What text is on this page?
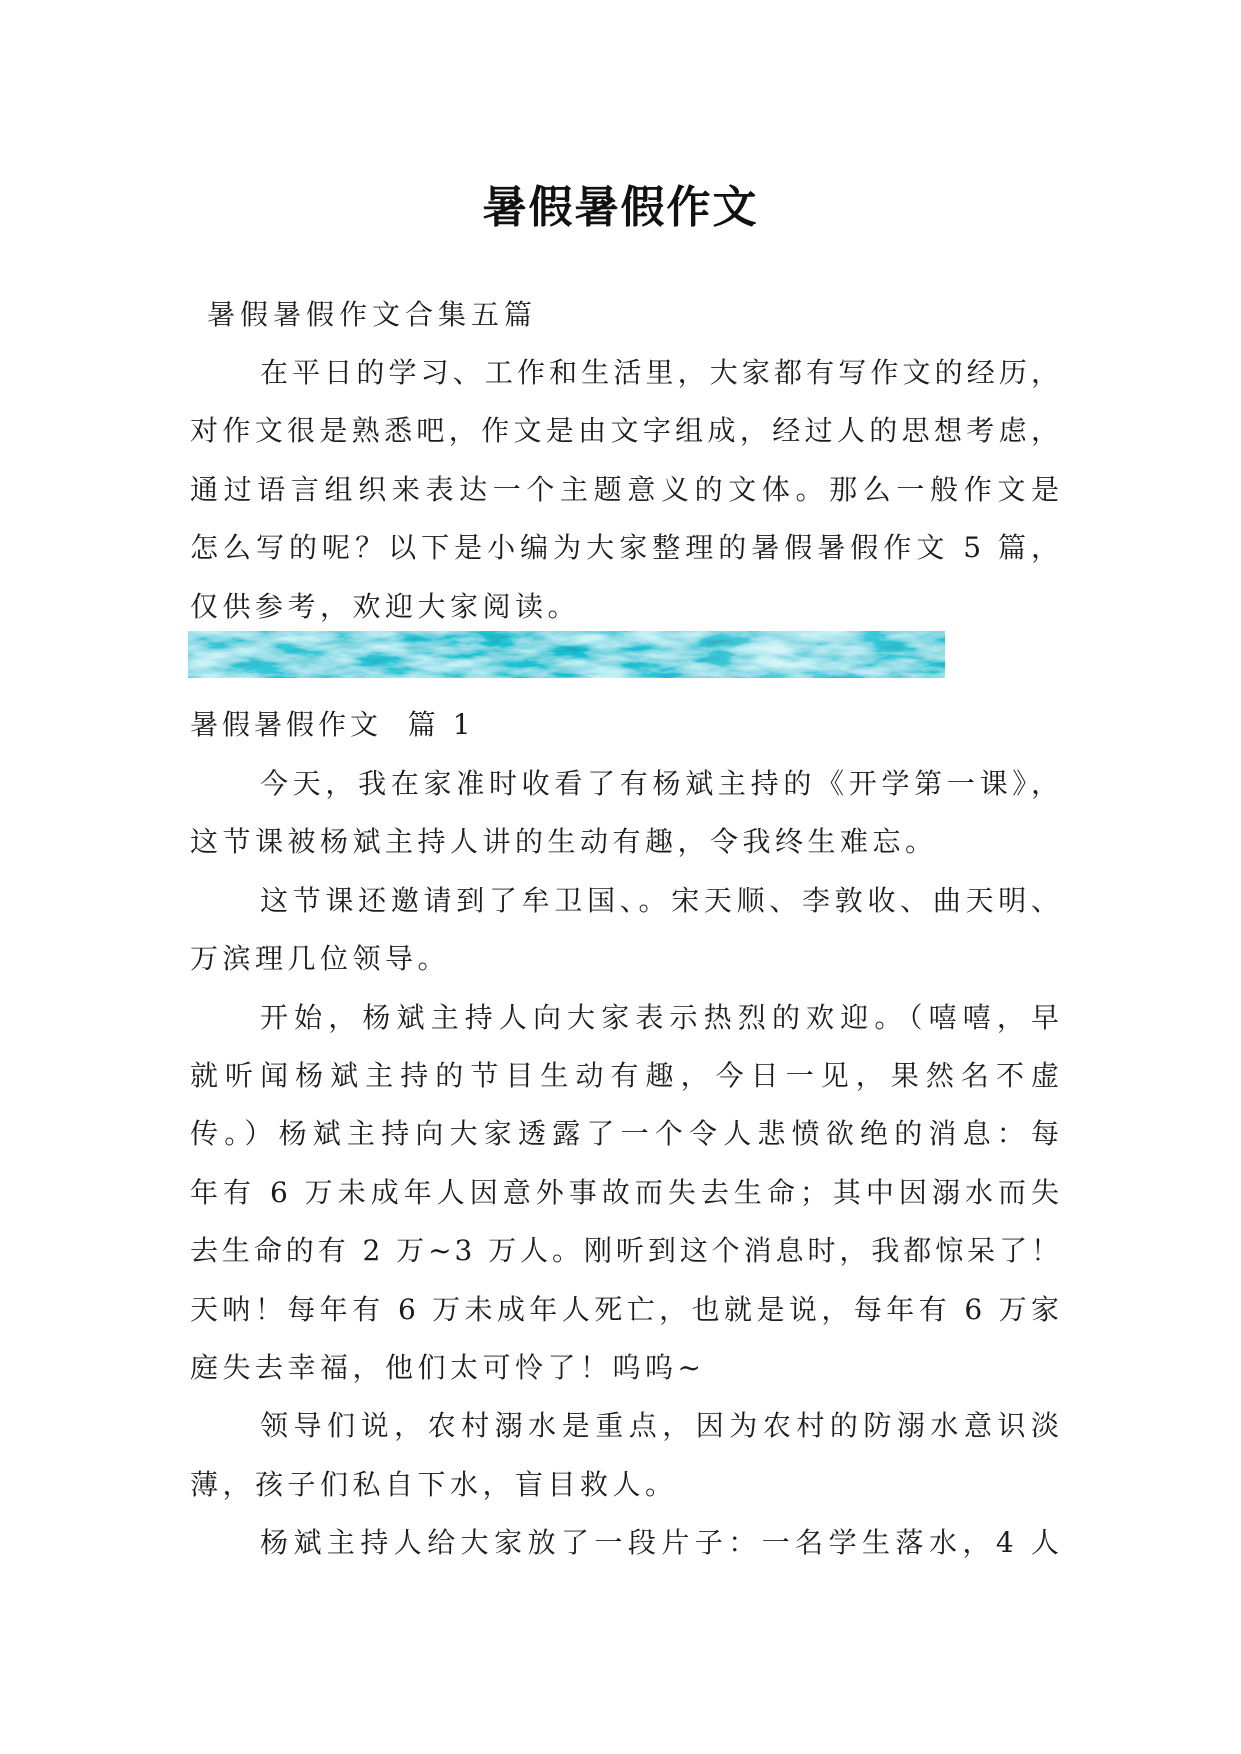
暑假暑假作文
暑假暑假作文合集五篇
在平日的学习、工作和生活里，大家都有写作文的经历，
对作文很是熟悉吧，作文是由文字组成，经过人的思想考虑，
通过语言组织来表达一个主题意义的文体。那么一般作文是
怎么写的呢？以下是小编为大家整理的暑假暑假作文 5 篇，
仅供参考，欢迎大家阅读。
暑假暑假作文  篇 1
今天，我在家准时收看了有杨斌主持的《开学第一课》，
这节课被杨斌主持人讲的生动有趣，令我终生难忘。
这节课还邀请到了牟卫国、。宋天顺、李敦收、曲天明、
万滨理几位领导。
开始，杨斌主持人向大家表示热烈的欢迎。（嘻嘻，早
就听闻杨斌主持的节目生动有趣，今日一见，果然名不虚
传。）杨斌主持向大家透露了一个令人悲愤欲绝的消息：每
年有 6 万未成年人因意外事故而失去生命；其中因溺水而失
去生命的有 2 万~3 万人。刚听到这个消息时，我都惊呆了！
天呐！每年有 6 万未成年人死亡，也就是说，每年有 6 万家
庭失去幸福，他们太可怜了！呜呜~
领导们说，农村溺水是重点，因为农村的防溺水意识淡
薄，孩子们私自下水，盲目救人。
杨斌主持人给大家放了一段片子：一名学生落水，4 人
